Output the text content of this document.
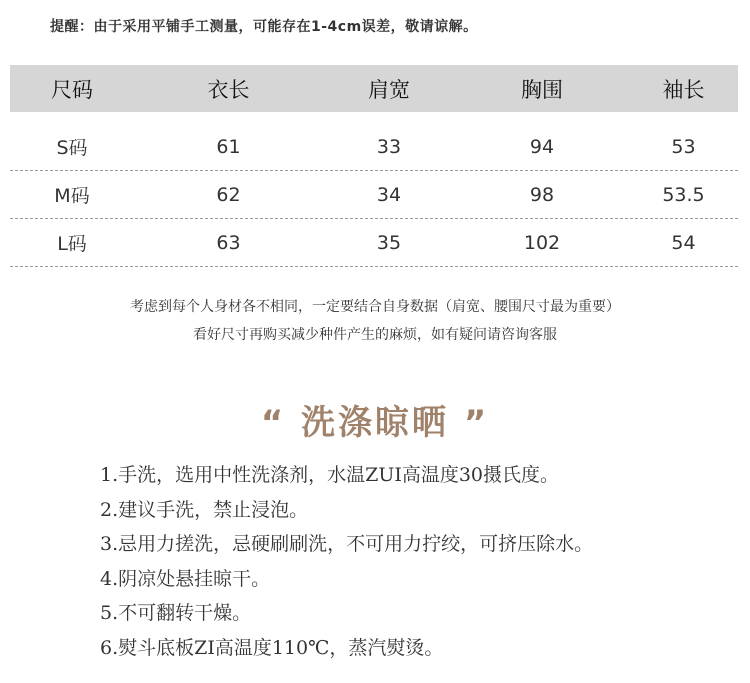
提醒：由于采用平铺手工测量，可能存在1-4cm误差，敬请谅解。
尺码	衣长	肩宽	胸围	袖长
S码	61	33	94	53
M码	62	34	98	53.5
L码	63	35	102	54
考虑到每个人身材各不相同，一定要结合自身数据（肩宽、腰围尺寸最为重要）
看好尺寸再购买减少种件产生的麻烦，如有疑问请咨询客服
“ 洗涤晾晒 ”
1.手洗，选用中性洗涤剂，水温ZUI高温度30摄氏度。
2.建议手洗，禁止浸泡。
3.忌用力搓洗，忌硬刷刷洗，不可用力拧绞，可挤压除水。
4.阴凉处悬挂晾干。
5.不可翻转干燥。
6.熨斗底板ZI高温度110℃，蒸汽熨烫。
